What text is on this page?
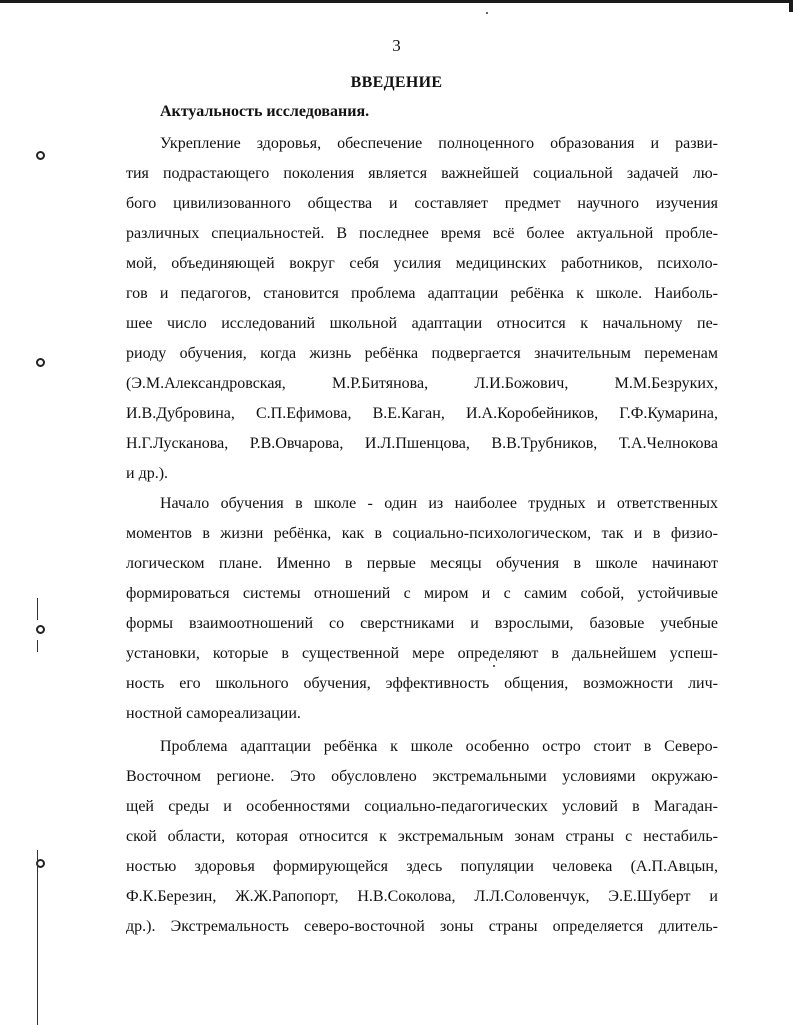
3
ВВЕДЕНИЕ
Актуальность исследования.
Укрепление здоровья, обеспечение полноценного образования и разви-
тия подрастающего поколения является важнейшей социальной задачей лю-
бого цивилизованного общества и составляет предмет научного изучения
различных специальностей. В последнее время всё более актуальной пробле-
мой, объединяющей вокруг себя усилия медицинских работников, психоло-
гов и педагогов, становится проблема адаптации ребёнка к школе. Наиболь-
шее число исследований школьной адаптации относится к начальному пе-
риоду обучения, когда жизнь ребёнка подвергается значительным переменам
(Э.М.Александровская, М.Р.Битянова, Л.И.Божович, М.М.Безруких,
И.В.Дубровина, С.П.Ефимова, В.Е.Каган, И.А.Коробейников, Г.Ф.Кумарина,
Н.Г.Лусканова, Р.В.Овчарова, И.Л.Пшенцова, В.В.Трубников, Т.А.Челнокова
и др.).
Начало обучения в школе - один из наиболее трудных и ответственных
моментов в жизни ребёнка, как в социально-психологическом, так и в физио-
логическом плане. Именно в первые месяцы обучения в школе начинают
формироваться системы отношений с миром и с самим собой, устойчивые
формы взаимоотношений со сверстниками и взрослыми, базовые учебные
установки, которые в существенной мере определяют в дальнейшем успеш-
ность его школьного обучения, эффективность общения, возможности лич-
ностной самореализации.
Проблема адаптации ребёнка к школе особенно остро стоит в Северо-
Восточном регионе. Это обусловлено экстремальными условиями окружаю-
щей среды и особенностями социально-педагогических условий в Магадан-
ской области, которая относится к экстремальным зонам страны с нестабиль-
ностью здоровья формирующейся здесь популяции человека (А.П.Авцын,
Ф.К.Березин, Ж.Ж.Рапопорт, Н.В.Соколова, Л.Л.Соловенчук, Э.Е.Шуберт и
др.). Экстремальность северо-восточной зоны страны определяется длитель-
